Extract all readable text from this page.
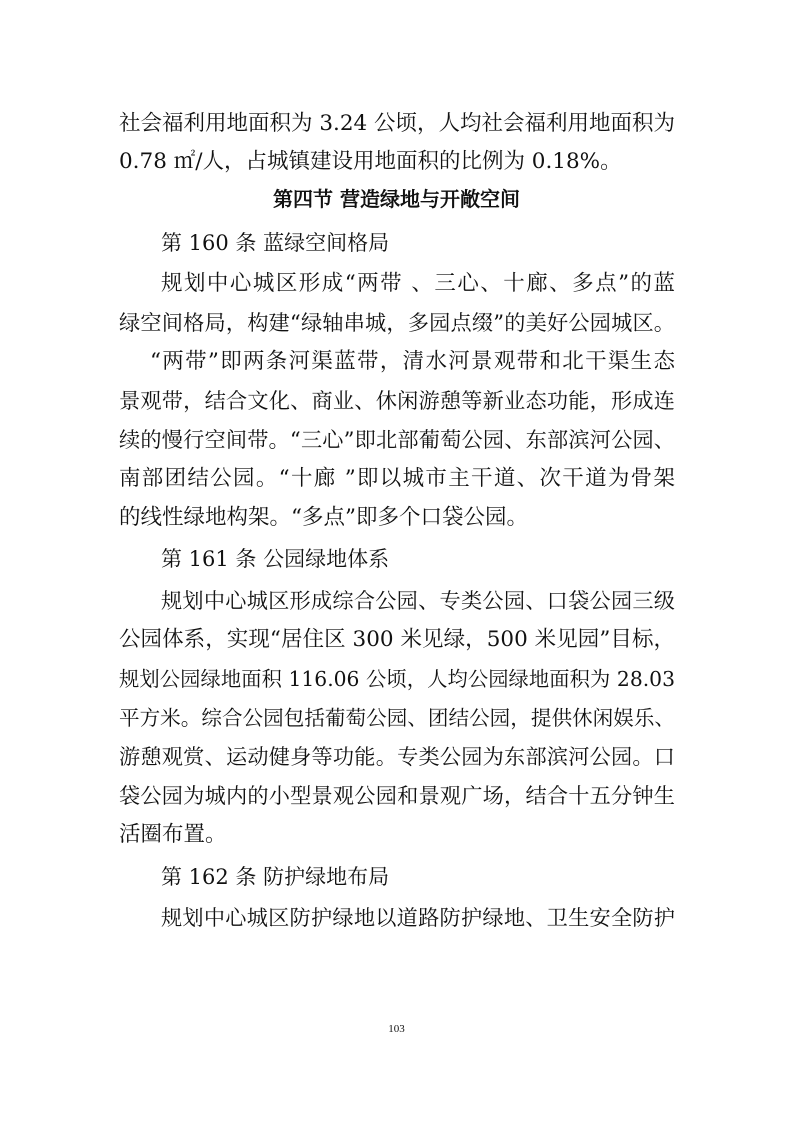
社会福利用地面积为 3.24 公顷，人均社会福利用地面积为
0.78 ㎡/人，占城镇建设用地面积的比例为 0.18%。
第四节 营造绿地与开敞空间
第 160 条 蓝绿空间格局
规划中心城区形成“两带 、三心、十廊、多点”的蓝
绿空间格局，构建“绿轴串城，多园点缀”的美好公园城区。
“两带”即两条河渠蓝带，清水河景观带和北干渠生态
景观带，结合文化、商业、休闲游憩等新业态功能，形成连
续的慢行空间带。“三心”即北部葡萄公园、东部滨河公园、
南部团结公园。“十廊 ”即以城市主干道、次干道为骨架
的线性绿地构架。“多点”即多个口袋公园。
第 161 条 公园绿地体系
规划中心城区形成综合公园、专类公园、口袋公园三级
公园体系，实现“居住区 300 米见绿，500 米见园”目标，
规划公园绿地面积 116.06 公顷，人均公园绿地面积为 28.03
平方米。综合公园包括葡萄公园、团结公园，提供休闲娱乐、
游憩观赏、运动健身等功能。专类公园为东部滨河公园。口
袋公园为城内的小型景观公园和景观广场，结合十五分钟生
活圈布置。
第 162 条 防护绿地布局
规划中心城区防护绿地以道路防护绿地、卫生安全防护
103
